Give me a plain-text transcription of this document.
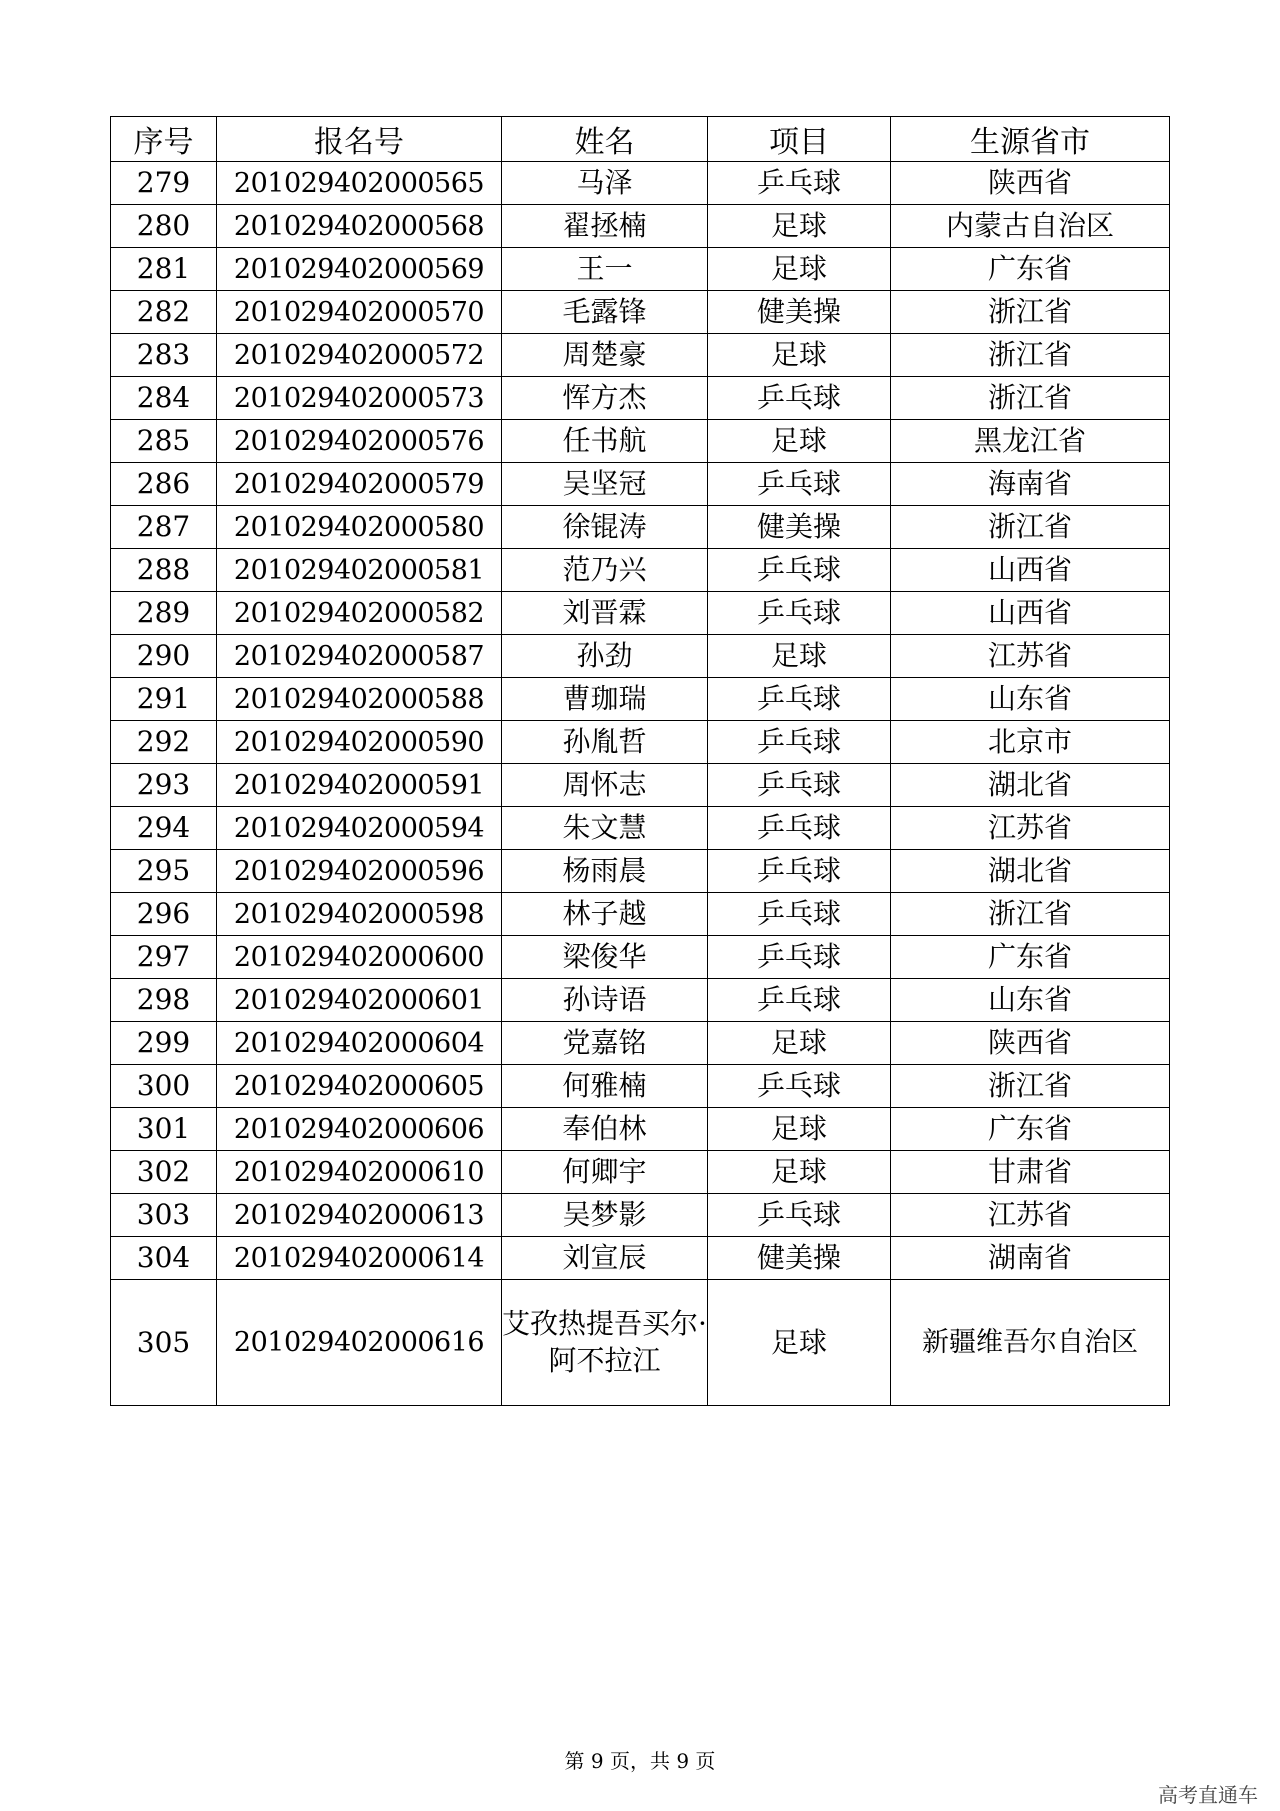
序号	报名号	姓名	项目	生源省市
279	201029402000565	马泽	乒乓球	陕西省
280	201029402000568	翟拯楠	足球	内蒙古自治区
281	201029402000569	王一	足球	广东省
282	201029402000570	毛露锋	健美操	浙江省
283	201029402000572	周楚豪	足球	浙江省
284	201029402000573	恽方杰	乒乓球	浙江省
285	201029402000576	任书航	足球	黑龙江省
286	201029402000579	吴坚冠	乒乓球	海南省
287	201029402000580	徐锟涛	健美操	浙江省
288	201029402000581	范乃兴	乒乓球	山西省
289	201029402000582	刘晋霖	乒乓球	山西省
290	201029402000587	孙劲	足球	江苏省
291	201029402000588	曹珈瑞	乒乓球	山东省
292	201029402000590	孙胤哲	乒乓球	北京市
293	201029402000591	周怀志	乒乓球	湖北省
294	201029402000594	朱文慧	乒乓球	江苏省
295	201029402000596	杨雨晨	乒乓球	湖北省
296	201029402000598	林子越	乒乓球	浙江省
297	201029402000600	梁俊华	乒乓球	广东省
298	201029402000601	孙诗语	乒乓球	山东省
299	201029402000604	党嘉铭	足球	陕西省
300	201029402000605	何雅楠	乒乓球	浙江省
301	201029402000606	奉伯林	足球	广东省
302	201029402000610	何卿宇	足球	甘肃省
303	201029402000613	吴梦影	乒乓球	江苏省
304	201029402000614	刘宣辰	健美操	湖南省
305	201029402000616	艾孜热提吾买尔·阿不拉江	足球	新疆维吾尔自治区
第 9 页，共 9 页
高考直通车
